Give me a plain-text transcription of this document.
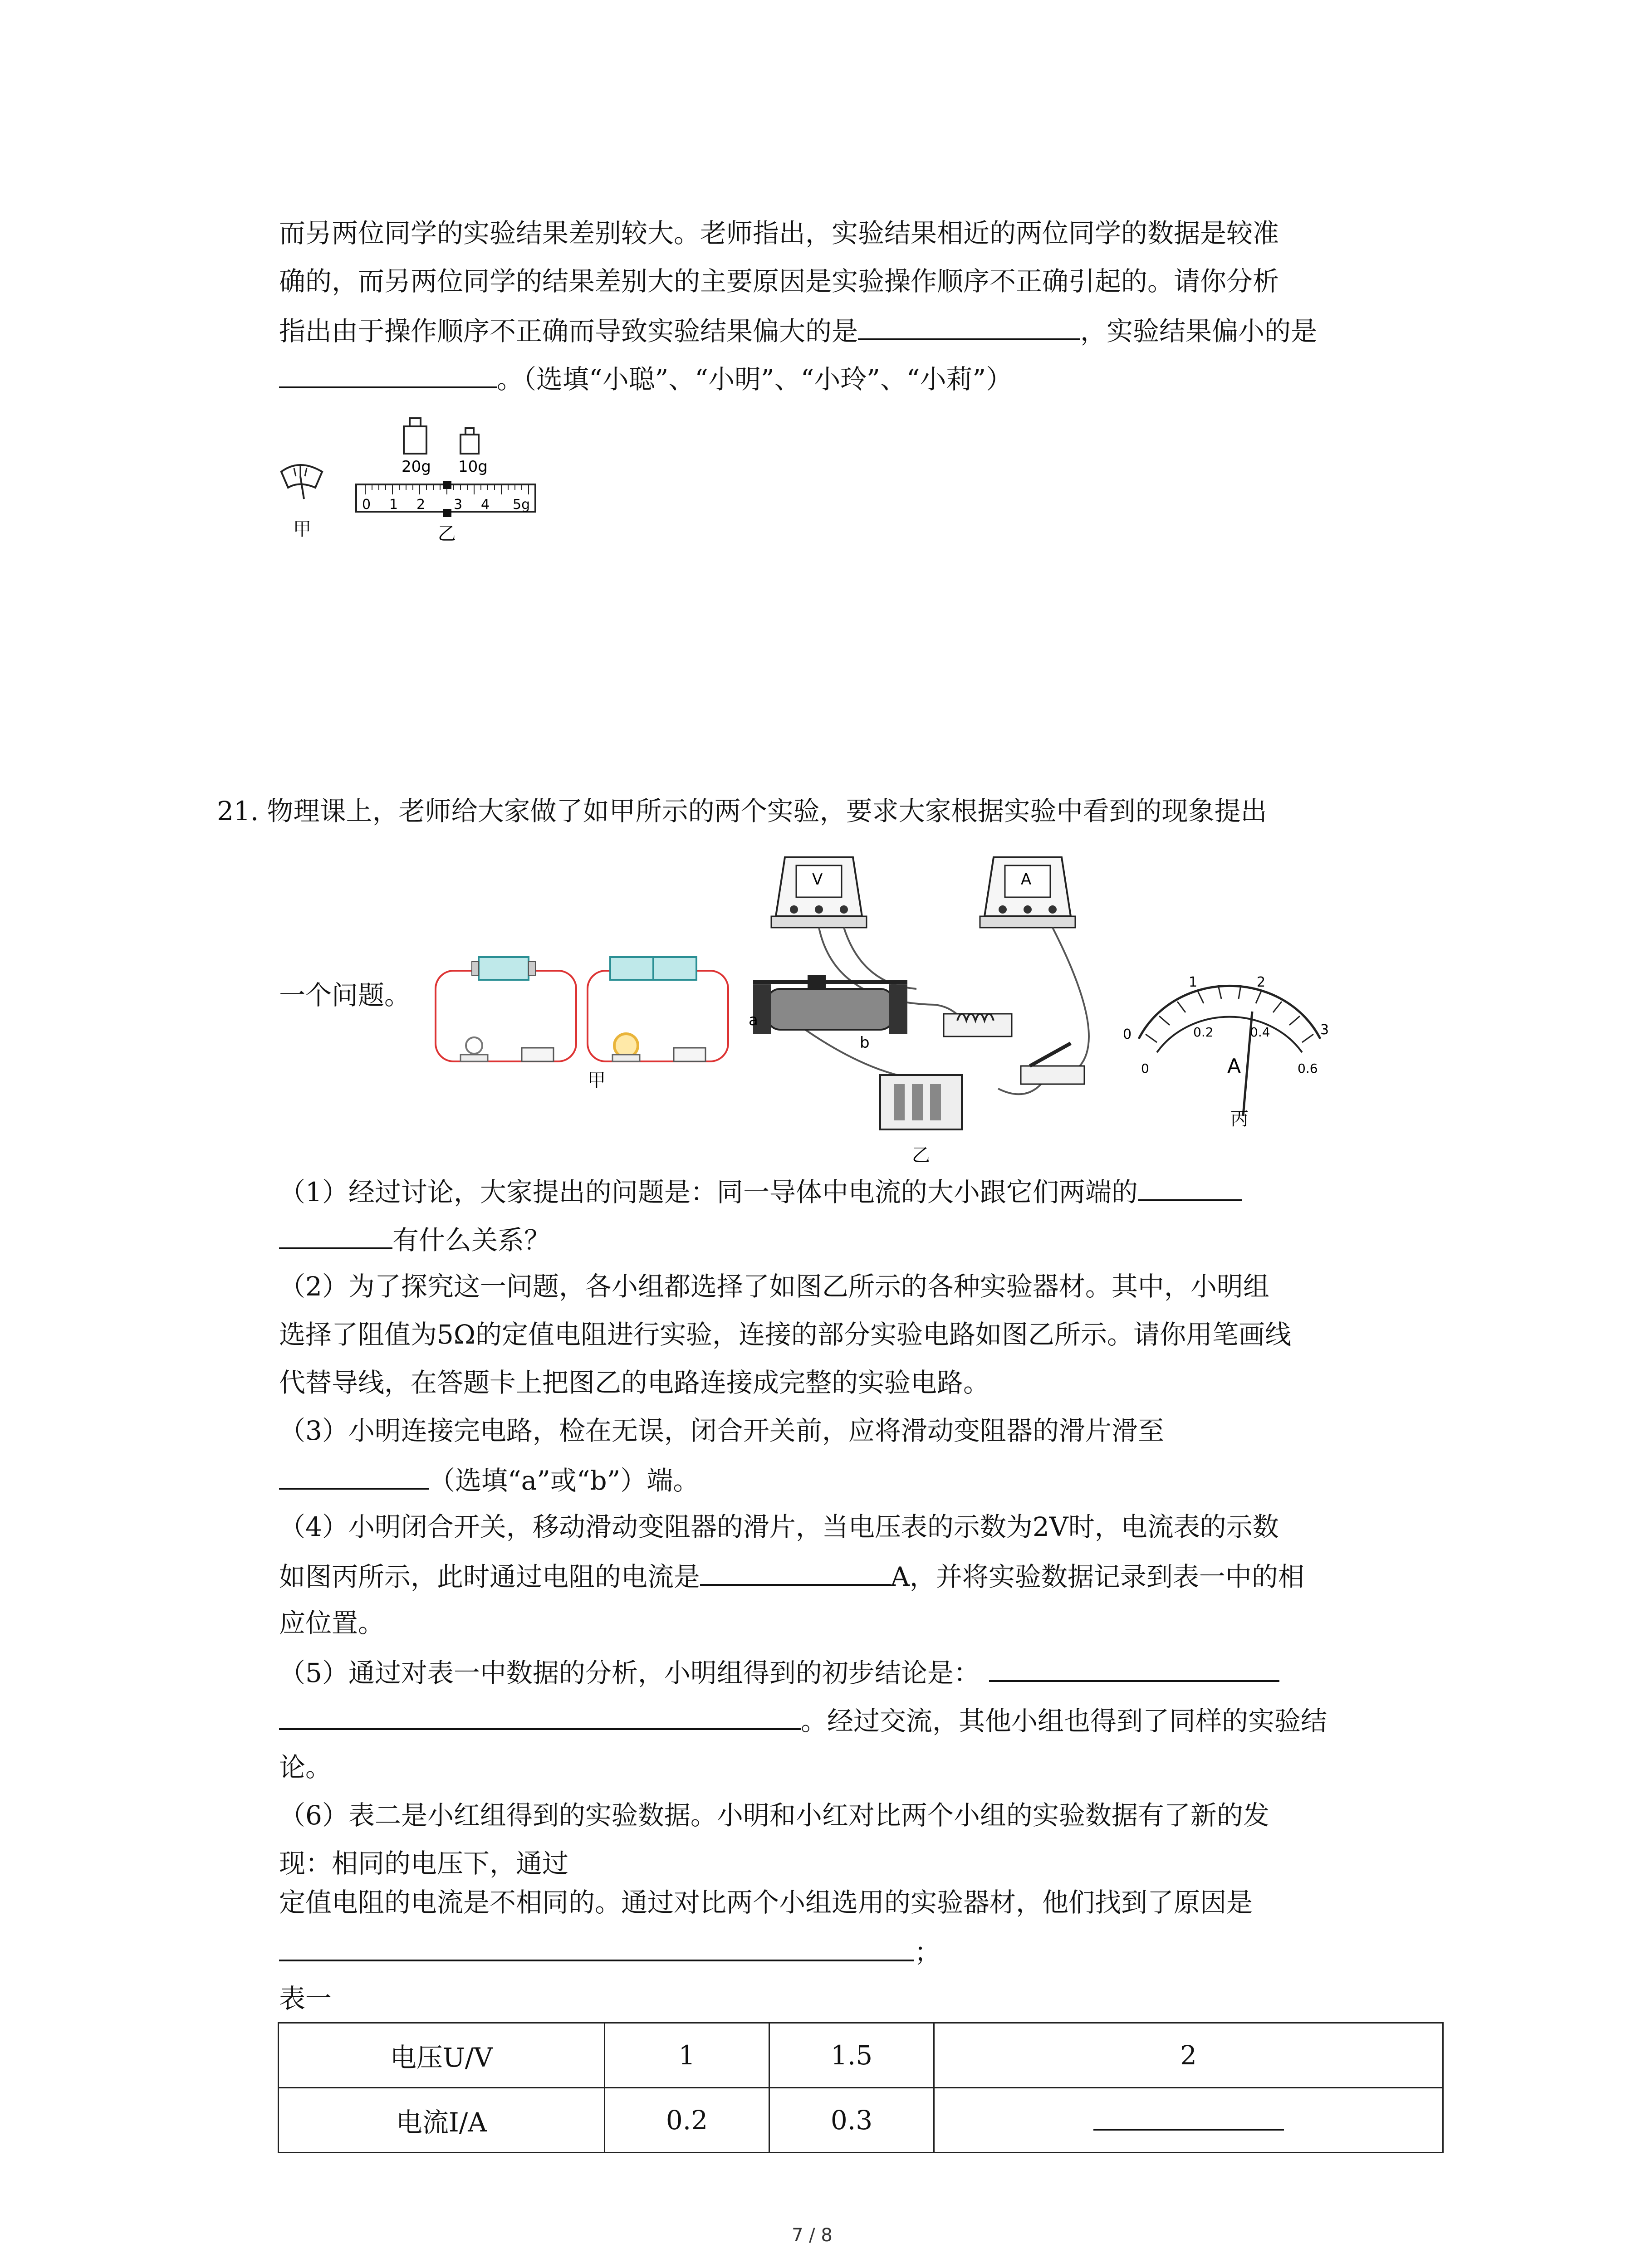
而另两位同学的实验结果差别较大。老师指出，实验结果相近的两位同学的数据是较准
确的，而另两位同学的结果差别大的主要原因是实验操作顺序不正确引起的。请你分析
指出由于操作顺序不正确而导致实验结果偏大的是	，实验结果偏小的是
。（选填“小聪”、“小明”、“小玲”、“小莉”）
甲
20g 10g
0 1 2 3 4 5g
乙
21. 物理课上，老师给大家做了如甲所示的两个实验，要求大家根据实验中看到的现象提出
一个问题。
甲
V	A
a
b
乙
0
1	2
3
0
0.2	0.4
0.6
A
丙
（1）经过讨论，大家提出的问题是：同一导体中电流的大小跟它们两端的
有什么关系？
（2）为了探究这一问题，各小组都选择了如图乙所示的各种实验器材。其中，小明组
选择了阻值为5Ω的定值电阻进行实验，连接的部分实验电路如图乙所示。请你用笔画线
代替导线，在答题卡上把图乙的电路连接成完整的实验电路。
（3）小明连接完电路，检在无误，闭合开关前，应将滑动变阻器的滑片滑至
（选填“a”或“b”）端。
（4）小明闭合开关，移动滑动变阻器的滑片，当电压表的示数为2V时，电流表的示数
如图丙所示，此时通过电阻的电流是	A，并将实验数据记录到表一中的相
应位置。
（5）通过对表一中数据的分析，小明组得到的初步结论是：
。经过交流，其他小组也得到了同样的实验结
论。
（6）表二是小红组得到的实验数据。小明和小红对比两个小组的实验数据有了新的发
现：相同的电压下，通过
定值电阻的电流是不相同的。通过对比两个小组选用的实验器材，他们找到了原因是
；
表一
电压U/V	1	1.5	2
电流I/A	0.2	0.3	
7 / 8
